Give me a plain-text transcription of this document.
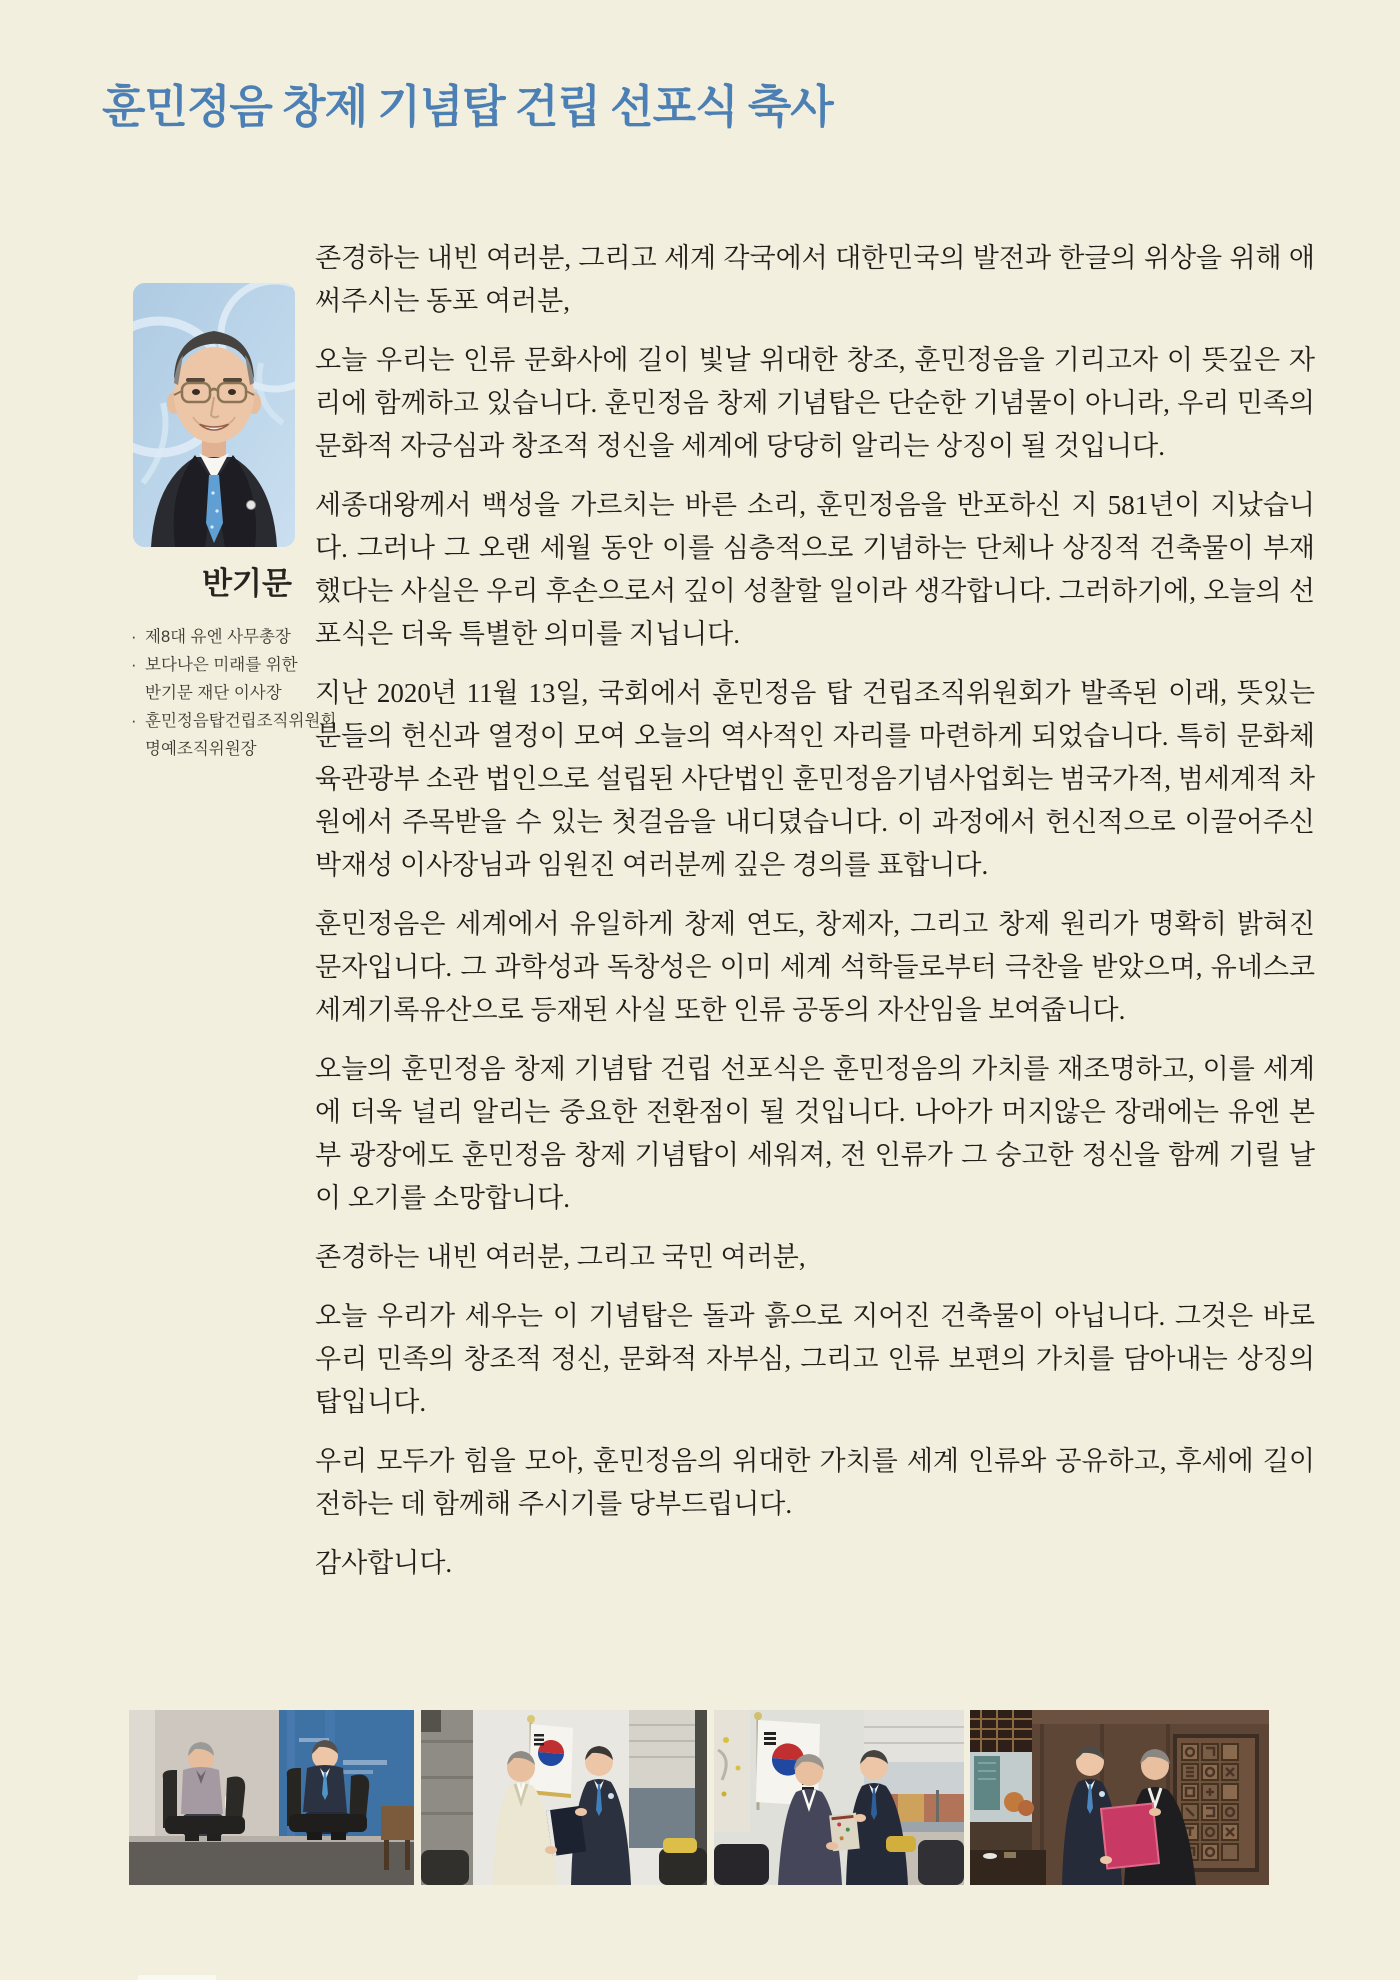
훈민정음 창제 기념탑 건립 선포식 축사
반기문
· 제8대 유엔 사무총장
· 보다나은 미래를 위한
반기문 재단 이사장
· 훈민정음탑건립조직위원회
명예조직위원장

존경하는 내빈 여러분, 그리고 세계 각국에서 대한민국의 발전과 한글의 위상을 위해 애써주시는 동포 여러분,

오늘 우리는 인류 문화사에 길이 빛날 위대한 창조, 훈민정음을 기리고자 이 뜻깊은 자리에 함께하고 있습니다. 훈민정음 창제 기념탑은 단순한 기념물이 아니라, 우리 민족의 문화적 자긍심과 창조적 정신을 세계에 당당히 알리는 상징이 될 것입니다.

세종대왕께서 백성을 가르치는 바른 소리, 훈민정음을 반포하신 지 581년이 지났습니다. 그러나 그 오랜 세월 동안 이를 심층적으로 기념하는 단체나 상징적 건축물이 부재했다는 사실은 우리 후손으로서 깊이 성찰할 일이라 생각합니다. 그러하기에, 오늘의 선포식은 더욱 특별한 의미를 지닙니다.

지난 2020년 11월 13일, 국회에서 훈민정음 탑 건립조직위원회가 발족된 이래, 뜻있는 분들의 헌신과 열정이 모여 오늘의 역사적인 자리를 마련하게 되었습니다. 특히 문화체육관광부 소관 법인으로 설립된 사단법인 훈민정음기념사업회는 범국가적, 범세계적 차원에서 주목받을 수 있는 첫걸음을 내디뎠습니다. 이 과정에서 헌신적으로 이끌어주신 박재성 이사장님과 임원진 여러분께 깊은 경의를 표합니다.

훈민정음은 세계에서 유일하게 창제 연도, 창제자, 그리고 창제 원리가 명확히 밝혀진 문자입니다. 그 과학성과 독창성은 이미 세계 석학들로부터 극찬을 받았으며, 유네스코 세계기록유산으로 등재된 사실 또한 인류 공동의 자산임을 보여줍니다.

오늘의 훈민정음 창제 기념탑 건립 선포식은 훈민정음의 가치를 재조명하고, 이를 세계에 더욱 널리 알리는 중요한 전환점이 될 것입니다. 나아가 머지않은 장래에는 유엔 본부 광장에도 훈민정음 창제 기념탑이 세워져, 전 인류가 그 숭고한 정신을 함께 기릴 날이 오기를 소망합니다.

존경하는 내빈 여러분, 그리고 국민 여러분,

오늘 우리가 세우는 이 기념탑은 돌과 흙으로 지어진 건축물이 아닙니다. 그것은 바로 우리 민족의 창조적 정신, 문화적 자부심, 그리고 인류 보편의 가치를 담아내는 상징의 탑입니다.

우리 모두가 힘을 모아, 훈민정음의 위대한 가치를 세계 인류와 공유하고, 후세에 길이 전하는 데 함께해 주시기를 당부드립니다.

감사합니다.
